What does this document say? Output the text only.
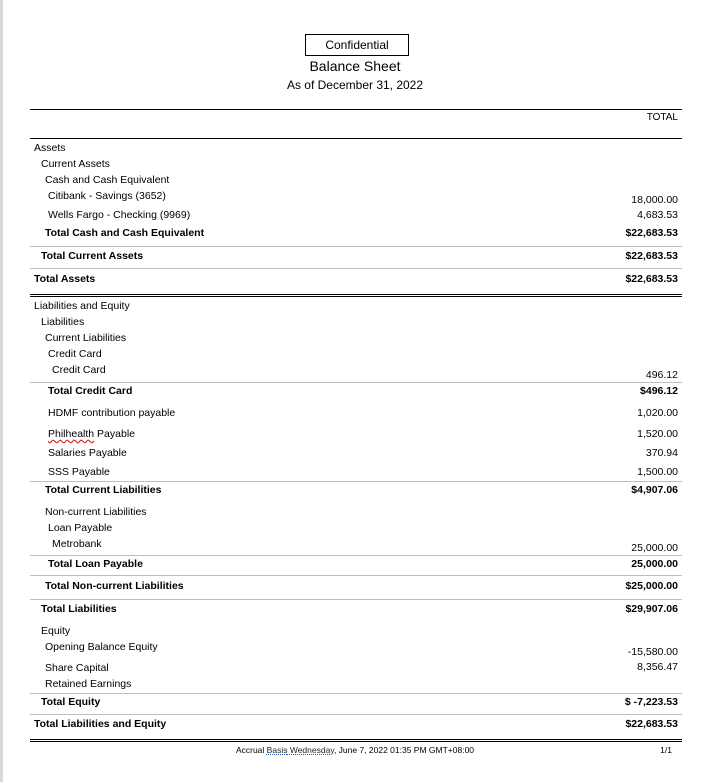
Confidential
Balance Sheet
As of December 31, 2022
TOTAL
Assets
Current Assets
Cash and Cash Equivalent
Citibank - Savings (3652)	18,000.00
Wells Fargo - Checking (9969)	4,683.53
Total Cash and Cash Equivalent	$22,683.53
Total Current Assets	$22,683.53
Total Assets	$22,683.53
Liabilities and Equity
Liabilities
Current Liabilities
Credit Card
Credit Card	496.12
Total Credit Card	$496.12
HDMF contribution payable	1,020.00
Philhealth Payable	1,520.00
Salaries Payable	370.94
SSS Payable	1,500.00
Total Current Liabilities	$4,907.06
Non-current Liabilities
Loan Payable
Metrobank	25,000.00
Total Loan Payable	25,000.00
Total Non-current Liabilities	$25,000.00
Total Liabilities	$29,907.06
Equity
Opening Balance Equity	-15,580.00
Share Capital	8,356.47
Retained Earnings
Total Equity	$ -7,223.53
Total Liabilities and Equity	$22,683.53
Accrual Basis Wednesday, June 7, 2022 01:35 PM GMT+08:00	1/1
